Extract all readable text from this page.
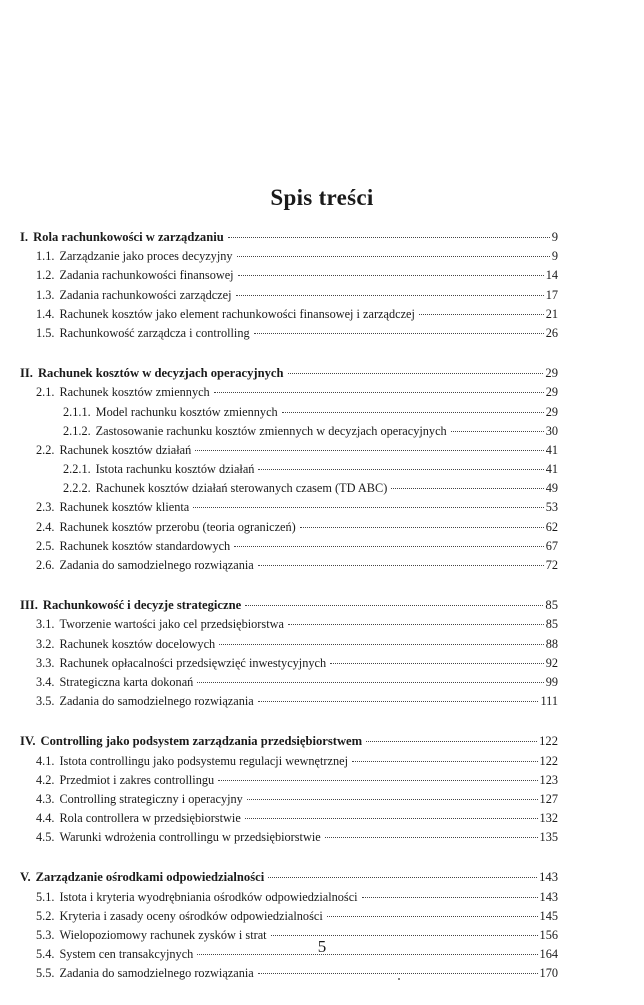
Spis treści
I. Rola rachunkowości w zarządzaniu	9
1.1. Zarządzanie jako proces decyzyjny	9
1.2. Zadania rachunkowości finansowej	14
1.3. Zadania rachunkowości zarządczej	17
1.4. Rachunek kosztów jako element rachunkowości finansowej i zarządczej	21
1.5. Rachunkowość zarządcza i controlling	26
II. Rachunek kosztów w decyzjach operacyjnych	29
2.1. Rachunek kosztów zmiennych	29
2.1.1. Model rachunku kosztów zmiennych	29
2.1.2. Zastosowanie rachunku kosztów zmiennych w decyzjach operacyjnych	30
2.2. Rachunek kosztów działań	41
2.2.1. Istota rachunku kosztów działań	41
2.2.2. Rachunek kosztów działań sterowanych czasem (TD ABC)	49
2.3. Rachunek kosztów klienta	53
2.4. Rachunek kosztów przerobu (teoria ograniczeń)	62
2.5. Rachunek kosztów standardowych	67
2.6. Zadania do samodzielnego rozwiązania	72
III. Rachunkowość i decyzje strategiczne	85
3.1. Tworzenie wartości jako cel przedsiębiorstwa	85
3.2. Rachunek kosztów docelowych	88
3.3. Rachunek opłacalności przedsięwzięć inwestycyjnych	92
3.4. Strategiczna karta dokonań	99
3.5. Zadania do samodzielnego rozwiązania	111
IV. Controlling jako podsystem zarządzania przedsiębiorstwem	122
4.1. Istota controllingu jako podsystemu regulacji wewnętrznej	122
4.2. Przedmiot i zakres controllingu	123
4.3. Controlling strategiczny i operacyjny	127
4.4. Rola controllera w przedsiębiorstwie	132
4.5. Warunki wdrożenia controllingu w przedsiębiorstwie	135
V. Zarządzanie ośrodkami odpowiedzialności	143
5.1. Istota i kryteria wyodrębniania ośrodków odpowiedzialności	143
5.2. Kryteria i zasady oceny ośrodków odpowiedzialności	145
5.3. Wielopoziomowy rachunek zysków i strat	156
5.4. System cen transakcyjnych	164
5.5. Zadania do samodzielnego rozwiązania	170
5
